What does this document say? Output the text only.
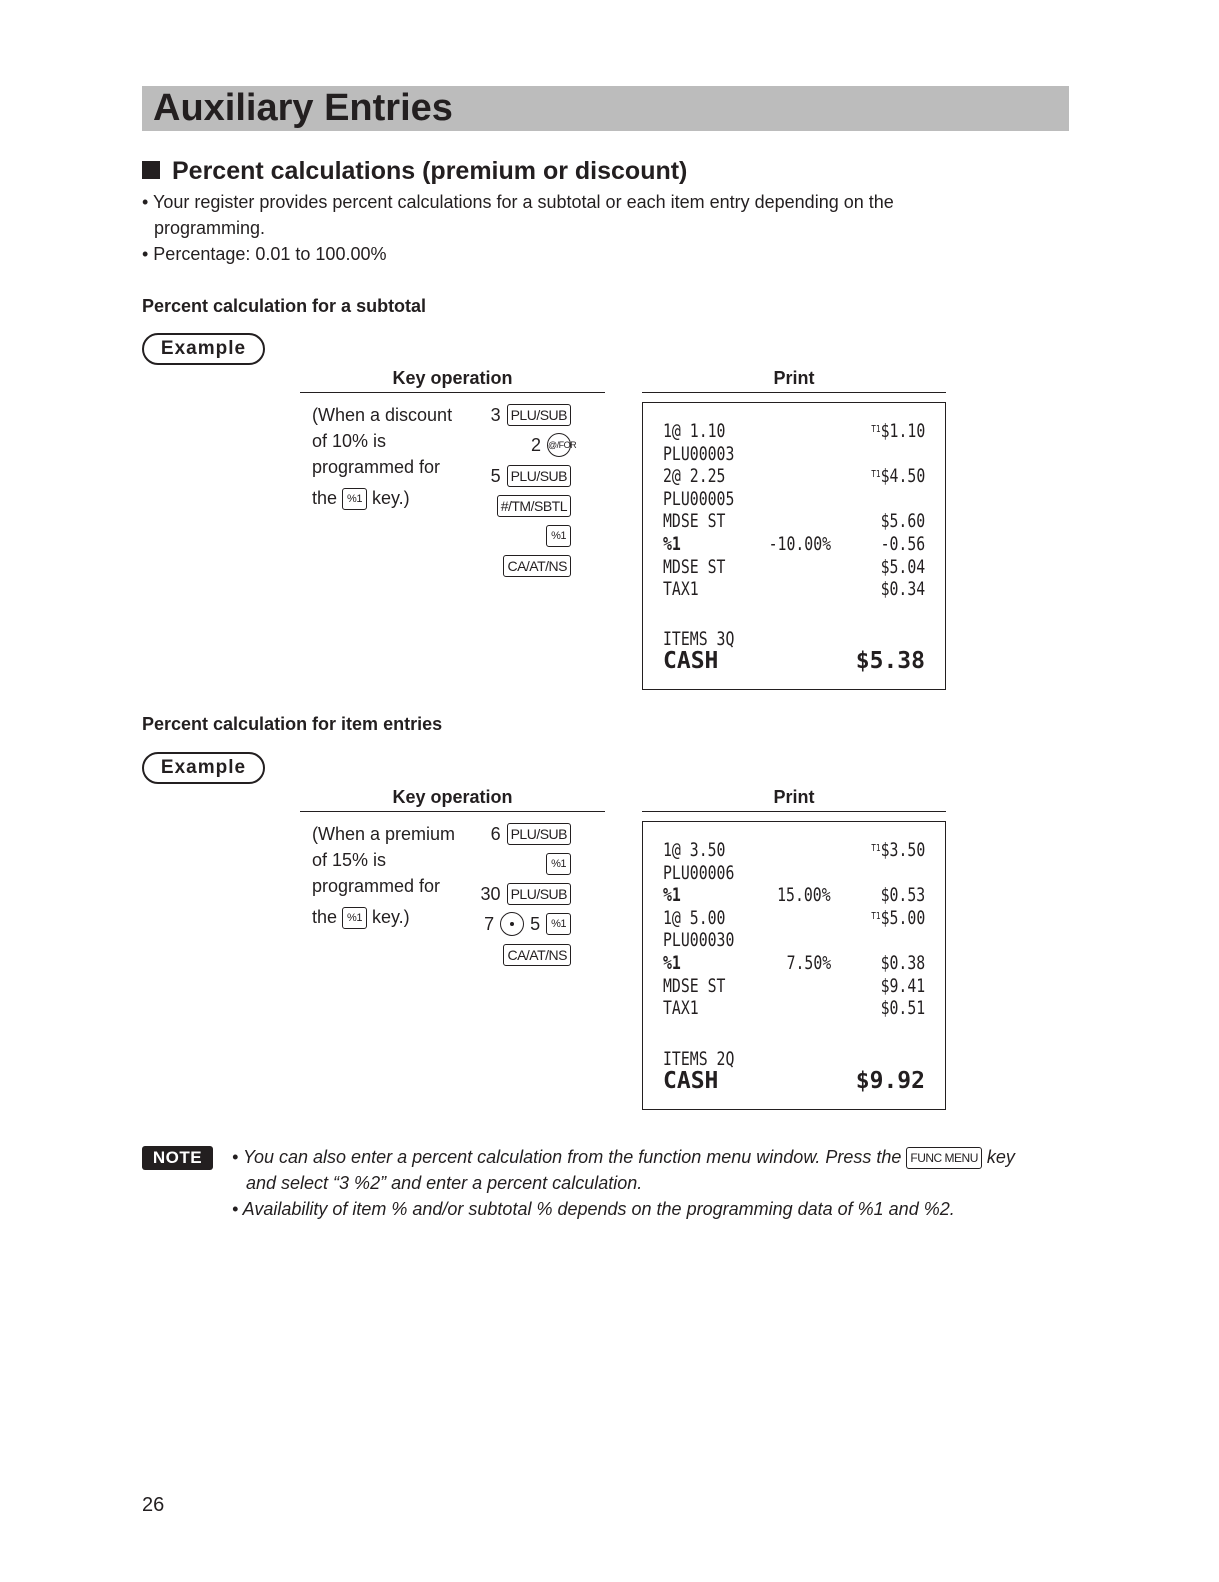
Auxiliary Entries
Percent calculations (premium or discount)
• Your register provides percent calculations for a subtotal or each item entry depending on the
programming.
• Percentage: 0.01 to 100.00%
Percent calculation for a subtotal
Example
Key operation	Print
(When a discount
of 10% is
programmed for
the %1 key.)
3 PLU/SUB
2 @/FOR
5 PLU/SUB
#/TM/SBTL
%1
CA/AT/NS
1@ 1.10	$^{T1}$\$1.10
PLU00003
2@ 2.25	$^{T1}$\$4.50
PLU00005
MDSE ST	$5.60
%1	-10.00%	-0.56
MDSE ST	$5.04
TAX1	$0.34
ITEMS 3Q
CASH	$5.38
Percent calculation for item entries
Example
Key operation	Print
(When a premium
of 15% is
programmed for
the %1 key.)
6 PLU/SUB
%1
30 PLU/SUB
7 5 %1
CA/AT/NS
1@ 3.50	$^{T1}$\$3.50
PLU00006
%1	15.00%	$0.53
1@ 5.00	$^{T1}$\$5.00
PLU00030
%1	7.50%	$0.38
MDSE ST	$9.41
TAX1	$0.51
ITEMS 2Q
CASH	$9.92
NOTE	• You can also enter a percent calculation from the function menu window. Press the FUNC MENU key
and select “3 %2” and enter a percent calculation.
• Availability of item % and/or subtotal % depends on the programming data of %1 and %2.
26
